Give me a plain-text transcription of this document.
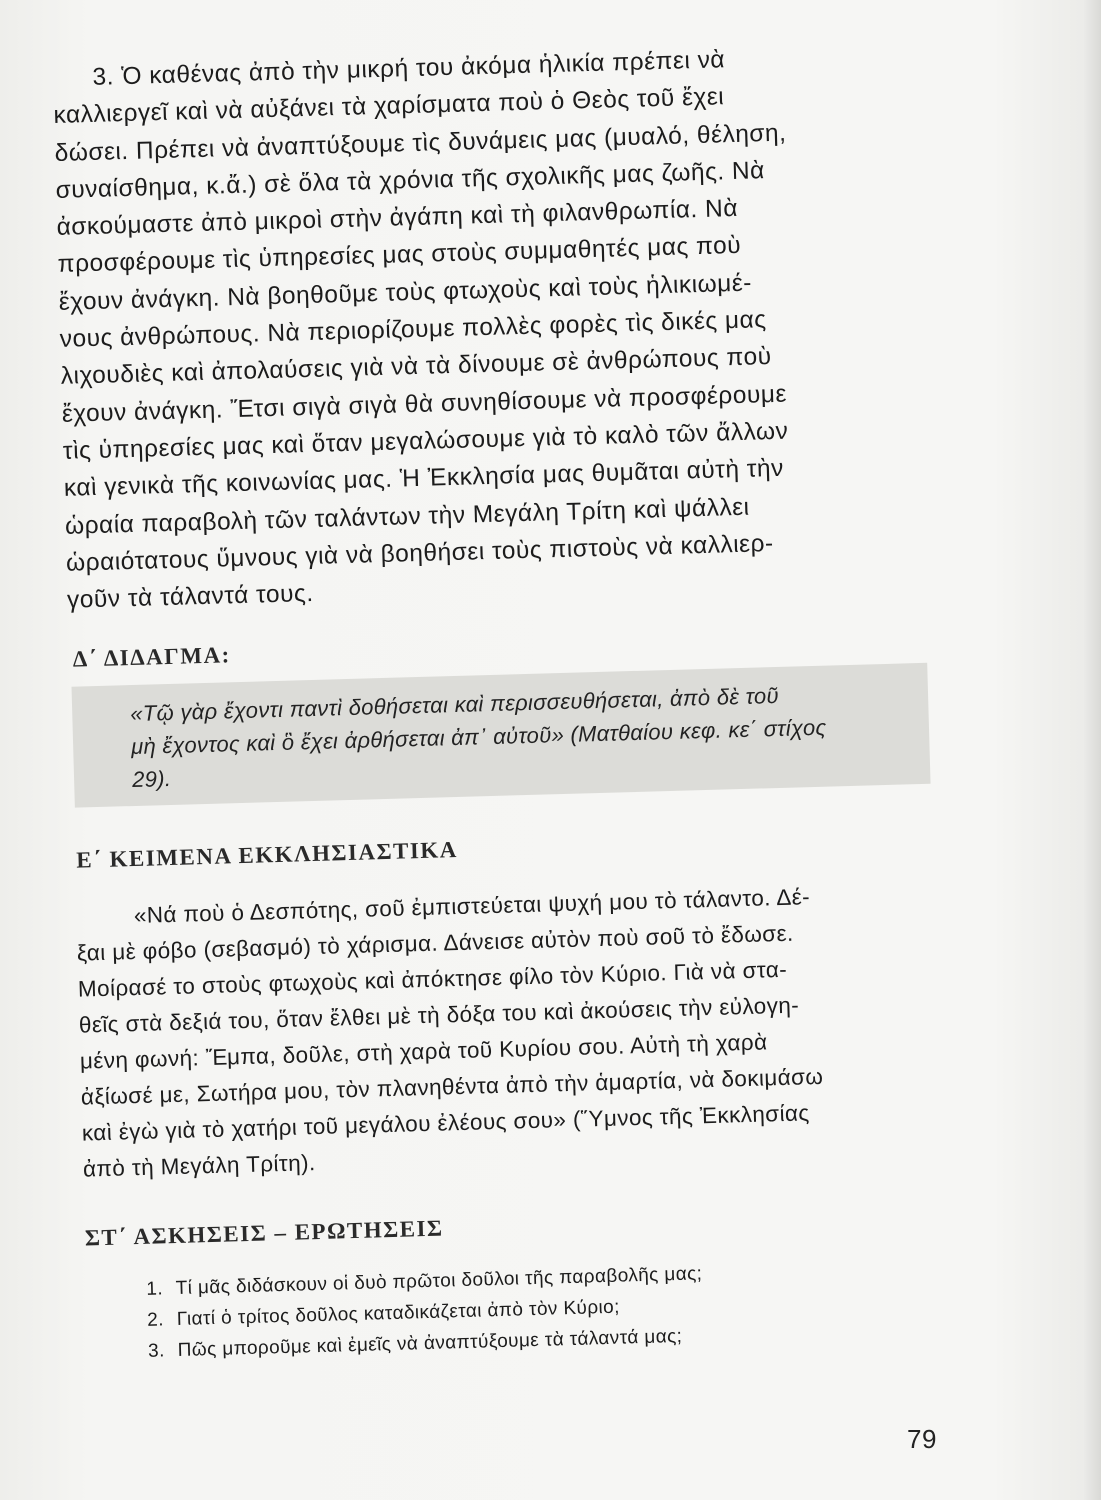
3. Ὁ καθένας ἀπὸ τὴν μικρή του ἀκόμα ἡλικία πρέπει νὰ
καλλιεργεῖ καὶ νὰ αὐξάνει τὰ χαρίσματα ποὺ ὁ Θεὸς τοῦ ἔχει
δώσει. Πρέπει νὰ ἀναπτύξουμε τὶς δυνάμεις μας (μυαλό, θέληση,
συναίσθημα, κ.ἄ.) σὲ ὅλα τὰ χρόνια τῆς σχολικῆς μας ζωῆς. Νὰ
ἀσκούμαστε ἀπὸ μικροὶ στὴν ἀγάπη καὶ τὴ φιλανθρωπία. Νὰ
προσφέρουμε τὶς ὑπηρεσίες μας στοὺς συμμαθητές μας ποὺ
ἔχουν ἀνάγκη. Νὰ βοηθοῦμε τοὺς φτωχοὺς καὶ τοὺς ἡλικιωμέ-
νους ἀνθρώπους. Νὰ περιορίζουμε πολλὲς φορὲς τὶς δικές μας
λιχουδιὲς καὶ ἀπολαύσεις γιὰ νὰ τὰ δίνουμε σὲ ἀνθρώπους ποὺ
ἔχουν ἀνάγκη. Ἔτσι σιγὰ σιγὰ θὰ συνηθίσουμε νὰ προσφέρουμε
τὶς ὑπηρεσίες μας καὶ ὅταν μεγαλώσουμε γιὰ τὸ καλὸ τῶν ἄλλων
καὶ γενικὰ τῆς κοινωνίας μας. Ἡ Ἐκκλησία μας θυμᾶται αὐτὴ τὴν
ὡραία παραβολὴ τῶν ταλάντων τὴν Μεγάλη Τρίτη καὶ ψάλλει
ὡραιότατους ὕμνους γιὰ νὰ βοηθήσει τοὺς πιστοὺς νὰ καλλιερ-
γοῦν τὰ τάλαντά τους.

Δ΄ ΔΙΔΑΓΜΑ:
«Τῷ γὰρ ἔχοντι παντὶ δοθήσεται καὶ περισσευθήσεται, ἀπὸ δὲ τοῦ
μὴ ἔχοντος καὶ ὃ ἔχει ἀρθήσεται ἀπ᾽ αὐτοῦ» (Ματθαίου κεφ. κε΄ στίχος
29).
Ε΄ ΚΕΙΜΕΝΑ ΕΚΚΛΗΣΙΑΣΤΙΚΑ

«Νά ποὺ ὁ Δεσπότης, σοῦ ἐμπιστεύεται ψυχή μου τὸ τάλαντο. Δέ-
ξαι μὲ φόβο (σεβασμό) τὸ χάρισμα. Δάνεισε αὐτὸν ποὺ σοῦ τὸ ἔδωσε.
Μοίρασέ το στοὺς φτωχοὺς καὶ ἀπόκτησε φίλο τὸν Κύριο. Γιὰ νὰ στα-
θεῖς στὰ δεξιά του, ὅταν ἔλθει μὲ τὴ δόξα του καὶ ἀκούσεις τὴν εὐλογη-
μένη φωνή: Ἔμπα, δοῦλε, στὴ χαρὰ τοῦ Κυρίου σου. Αὐτὴ τὴ χαρὰ
ἀξίωσέ με, Σωτήρα μου, τὸν πλανηθέντα ἀπὸ τὴν ἁμαρτία, νὰ δοκιμάσω
καὶ ἐγὼ γιὰ τὸ χατήρι τοῦ μεγάλου ἐλέους σου» (Ὕμνος τῆς Ἐκκλησίας
ἀπὸ τὴ Μεγάλη Τρίτη).

ΣΤ΄ ΑΣΚΗΣΕΙΣ – ΕΡΩΤΗΣΕΙΣ
1. Τί μᾶς διδάσκουν οἱ δυὸ πρῶτοι δοῦλοι τῆς παραβολῆς μας;
2. Γιατί ὁ τρίτος δοῦλος καταδικάζεται ἀπὸ τὸν Κύριο;
3. Πῶς μποροῦμε καὶ ἐμεῖς νὰ ἀναπτύξουμε τὰ τάλαντά μας;
79
